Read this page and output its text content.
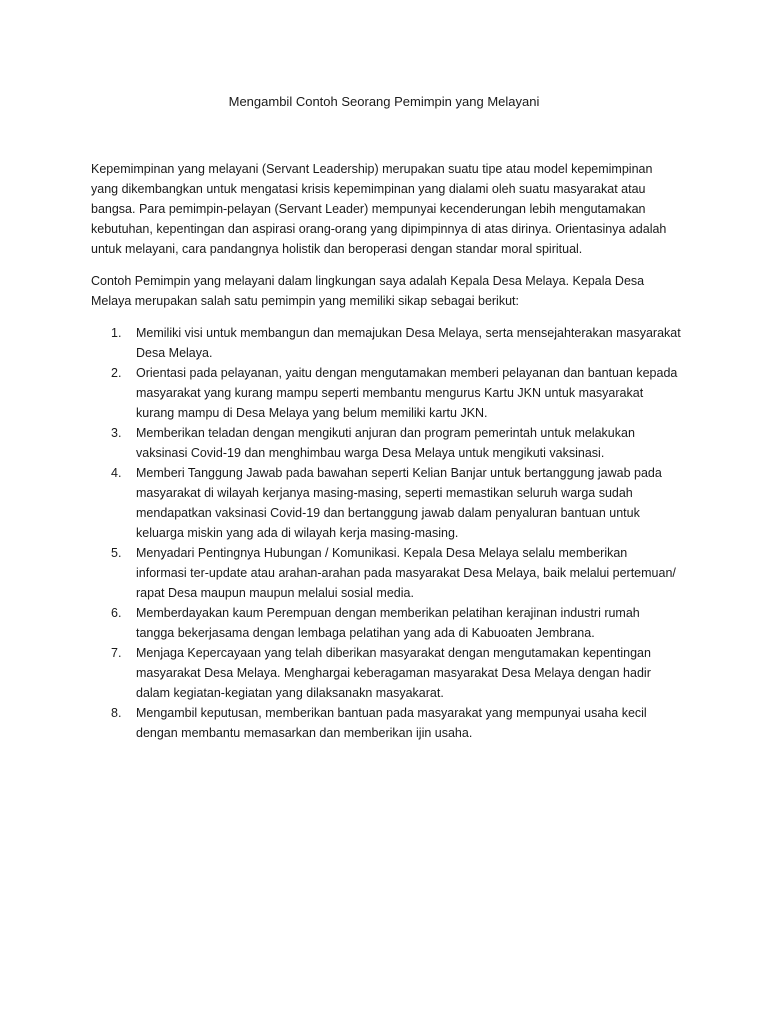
Mengambil Contoh Seorang Pemimpin yang Melayani

Kepemimpinan yang melayani (Servant Leadership) merupakan suatu tipe atau model kepemimpinan yang dikembangkan untuk mengatasi krisis kepemimpinan yang dialami oleh suatu masyarakat atau bangsa. Para pemimpin-pelayan (Servant Leader) mempunyai kecenderungan lebih mengutamakan kebutuhan, kepentingan dan aspirasi orang-orang yang dipimpinnya di atas dirinya. Orientasinya adalah untuk melayani, cara pandangnya holistik dan beroperasi dengan standar moral spiritual.

Contoh Pemimpin yang melayani dalam lingkungan saya adalah Kepala Desa Melaya. Kepala Desa Melaya merupakan salah satu pemimpin yang memiliki sikap sebagai berikut:

1. Memiliki visi untuk membangun dan memajukan Desa Melaya, serta mensejahterakan masyarakat Desa Melaya.
2. Orientasi pada pelayanan, yaitu dengan mengutamakan memberi pelayanan dan bantuan kepada masyarakat yang kurang mampu seperti membantu mengurus Kartu JKN untuk masyarakat kurang mampu di Desa Melaya yang belum memiliki kartu JKN.
3. Memberikan teladan dengan mengikuti anjuran dan program pemerintah untuk melakukan vaksinasi Covid-19 dan menghimbau warga Desa Melaya untuk mengikuti vaksinasi.
4. Memberi Tanggung Jawab pada bawahan seperti Kelian Banjar untuk bertanggung jawab pada masyarakat di wilayah kerjanya masing-masing, seperti memastikan seluruh warga sudah mendapatkan vaksinasi Covid-19 dan bertanggung jawab dalam penyaluran bantuan untuk keluarga miskin yang ada di wilayah kerja masing-masing.
5. Menyadari Pentingnya Hubungan / Komunikasi. Kepala Desa Melaya selalu memberikan informasi ter-update atau arahan-arahan pada masyarakat Desa Melaya, baik melalui pertemuan/ rapat Desa maupun maupun melalui sosial media.
6. Memberdayakan kaum Perempuan dengan memberikan pelatihan kerajinan industri rumah tangga bekerjasama dengan lembaga pelatihan yang ada di Kabuoaten Jembrana.
7. Menjaga Kepercayaan yang telah diberikan masyarakat dengan mengutamakan kepentingan masyarakat Desa Melaya. Menghargai keberagaman masyarakat Desa Melaya dengan hadir dalam kegiatan-kegiatan yang dilaksanakn masyakarat.
8. Mengambil keputusan, memberikan bantuan pada masyarakat yang mempunyai usaha kecil dengan membantu memasarkan dan memberikan ijin usaha.
